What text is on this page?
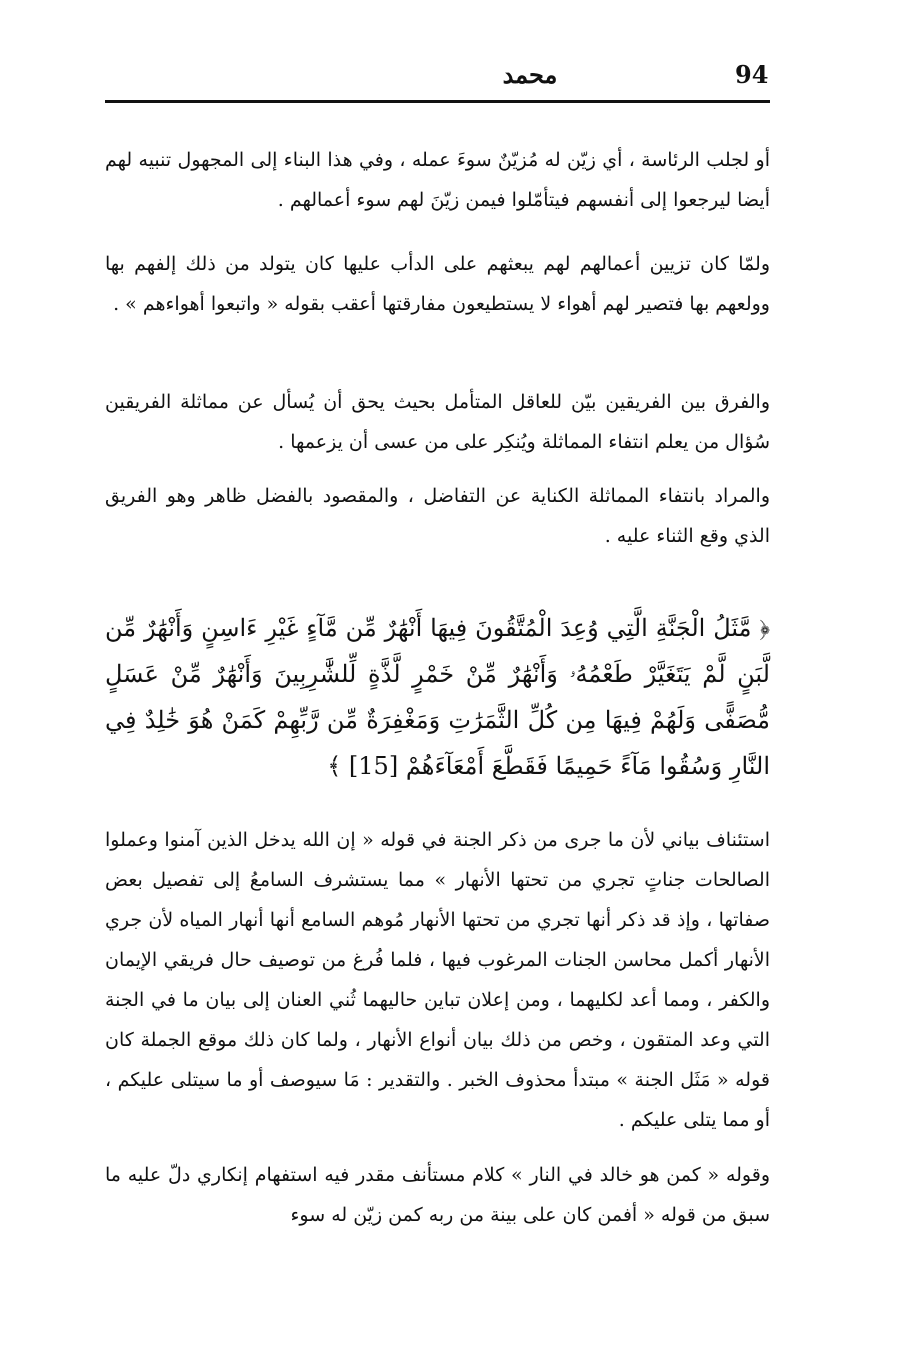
94
محمد

أو لجلب الرئاسة ، أي زيّن له مُزيّنٌ سوءَ عمله ، وفي هذا البناء إلى المجهول تنبيه لهم أيضا ليرجعوا إلى أنفسهم فيتأمّلوا فيمن زيّنَ لهم سوء أعمالهم .

ولمّا كان تزيين أعمالهم لهم يبعثهم على الدأب عليها كان يتولد من ذلك إلفهم بها وولعهم بها فتصير لهم أهواء لا يستطيعون مفارقتها أعقب بقوله « واتبعوا أهواءهم » .

والفرق بين الفريقين بيّن للعاقل المتأمل بحيث يحق أن يُسأل عن مماثلة الفريقين سُؤال من يعلم انتفاء المماثلة ويُنكِر على من عسى أن يزعمها .

والمراد بانتفاء المماثلة الكناية عن التفاضل ، والمقصود بالفضل ظاهر وهو الفريق الذي وقع الثناء عليه .

﴿ مَّثَلُ الْجَنَّةِ الَّتِي وُعِدَ الْمُتَّقُونَ فِيهَا أَنْهَٰرٌ مِّن مَّآءٍ غَيْرِ ءَاسِنٍ وَأَنْهَٰرٌ مِّن لَّبَنٍ لَّمْ يَتَغَيَّرْ طَعْمُهُۥ وَأَنْهَٰرٌ مِّنْ خَمْرٍ لَّذَّةٍ لِّلشَّٰرِبِينَ وَأَنْهَٰرٌ مِّنْ عَسَلٍ مُّصَفًّى وَلَهُمْ فِيهَا مِن كُلِّ الثَّمَرَٰتِ وَمَغْفِرَةٌ مِّن رَّبِّهِمْ كَمَنْ هُوَ خَٰلِدٌ فِي النَّارِ وَسُقُوا مَآءً حَمِيمًا فَقَطَّعَ أَمْعَآءَهُمْ [15] ﴾

استئناف بياني لأن ما جرى من ذكر الجنة في قوله « إن الله يدخل الذين آمنوا وعملوا الصالحات جناتٍ تجري من تحتها الأنهار » مما يستشرف السامعُ إلى تفصيل بعض صفاتها ، وإذ قد ذكر أنها تجري من تحتها الأنهار مُوهم السامع أنها أنهار المياه لأن جري الأنهار أكمل محاسن الجنات المرغوب فيها ، فلما فُرغ من توصيف حال فريقي الإيمان والكفر ، ومما أعد لكليهما ، ومن إعلان تباين حاليهما ثُني العنان إلى بيان ما في الجنة التي وعد المتقون ، وخص من ذلك بيان أنواع الأنهار ، ولما كان ذلك موقع الجملة كان قوله « مَثَل الجنة » مبتدأ محذوف الخبر . والتقدير : مَا سيوصف أو ما سيتلى عليكم ، أو مما يتلى عليكم .

وقوله « كمن هو خالد في النار » كلام مستأنف مقدر فيه استفهام إنكاري دلّ عليه ما سبق من قوله « أفمن كان على بينة من ربه كمن زيّن له سوء
